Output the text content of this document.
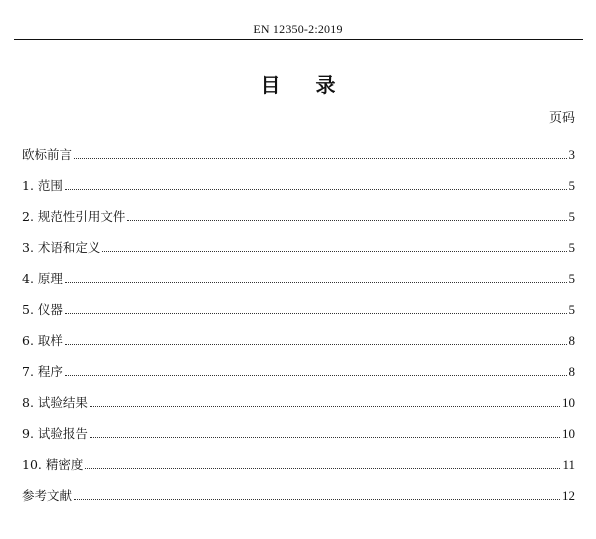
EN 12350-2:2019
目 录
页码
欧标前言	3
1. 范围	5
2. 规范性引用文件	5
3. 术语和定义	5
4. 原理	5
5. 仪器	5
6. 取样	8
7. 程序	8
8. 试验结果	10
9. 试验报告	10
10. 精密度	11
参考文献	12
